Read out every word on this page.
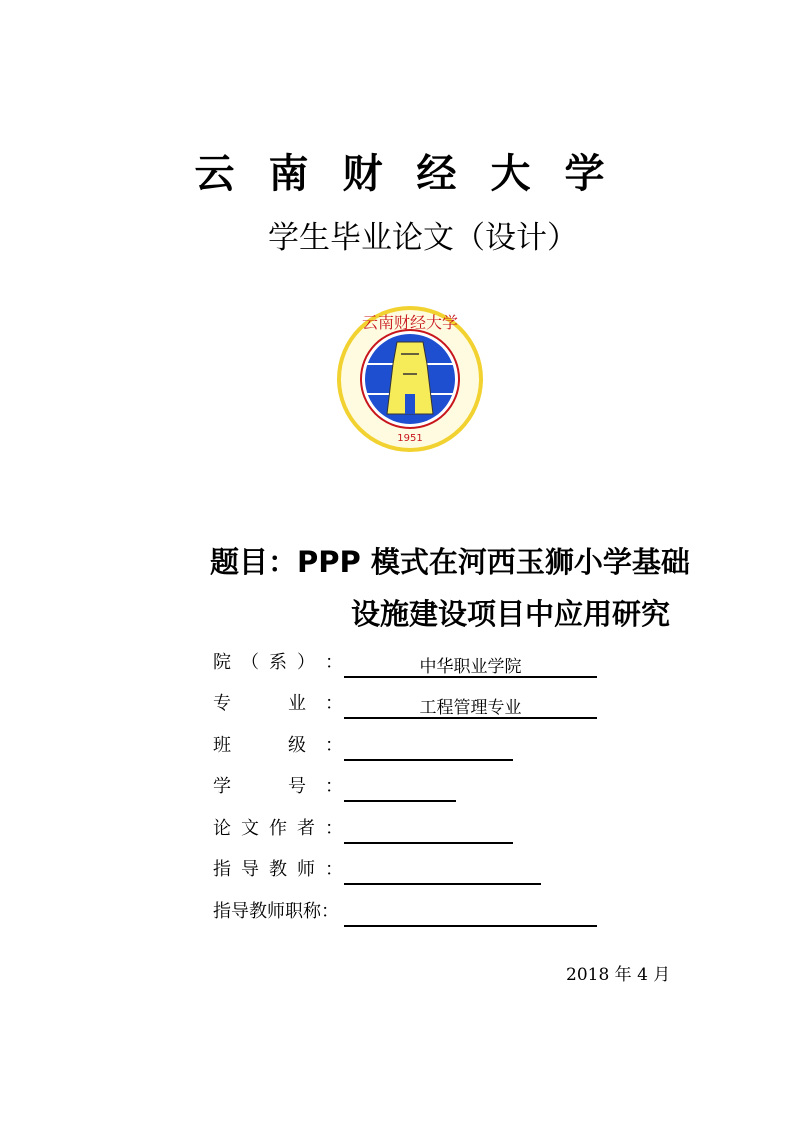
云南财经大学
学生毕业论文（设计）
1951
云南财经大学
题目：PPP 模式在河西玉狮小学基础
设施建设项目中应用研究
院 （ 系 ） ：	中华职业学院
专	业 ：	工程管理专业
班	级 ：
学	号 ：
论 文 作 者 ：
指 导 教 师 ：
指导教师职称：
2018 年 4 月
